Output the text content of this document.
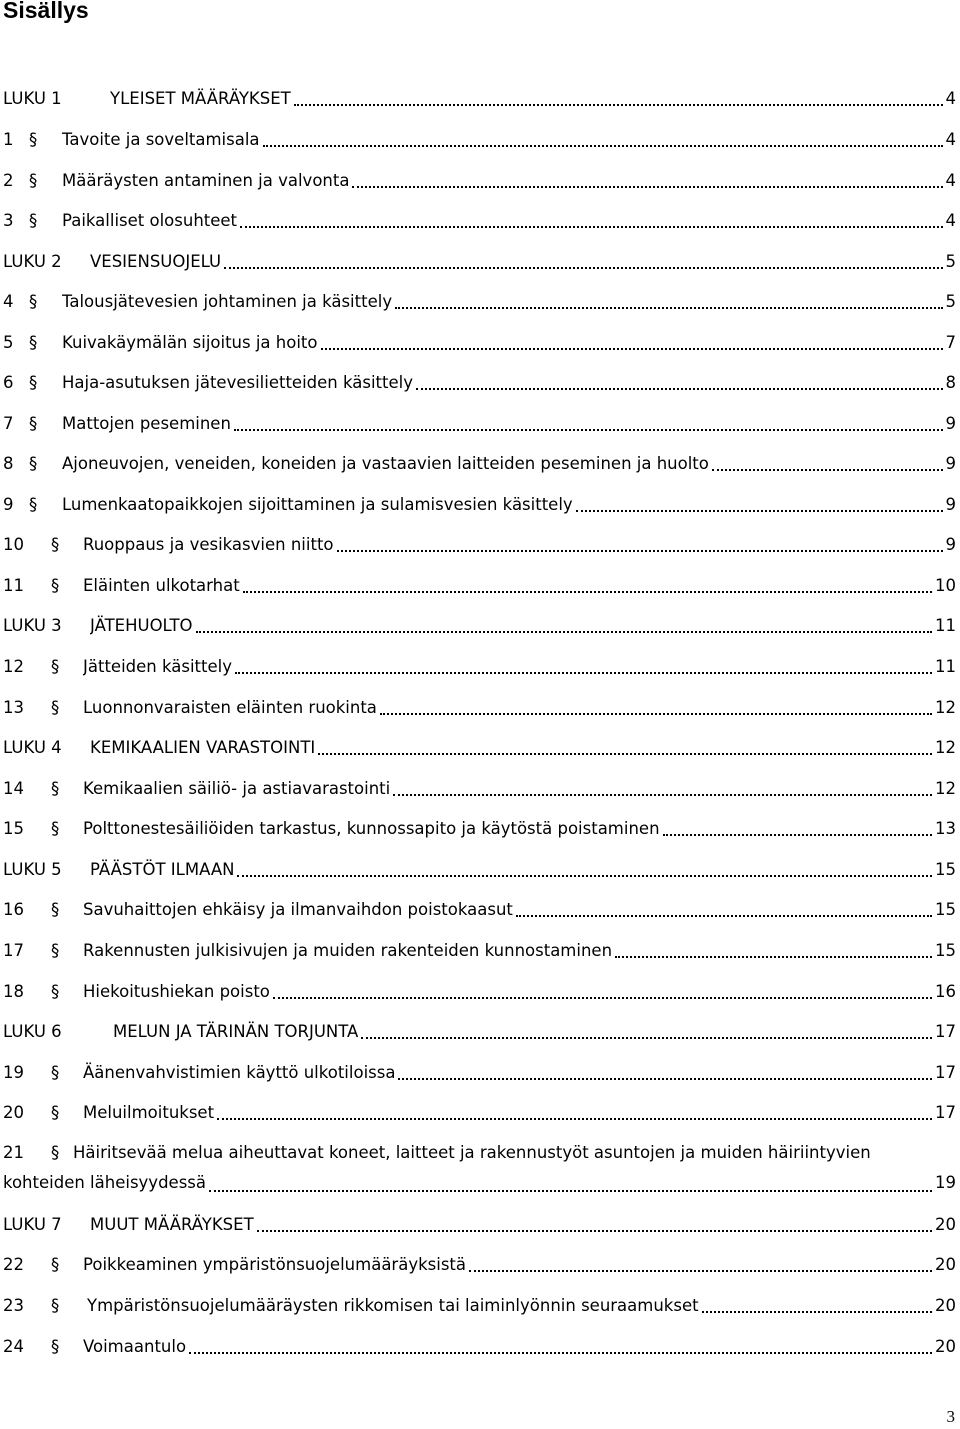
Sisällys
LUKU 1	YLEISET MÄÄRÄYKSET	4
1 §	Tavoite ja soveltamisala	4
2 §	Määräysten antaminen ja valvonta	4
3 §	Paikalliset olosuhteet	4
LUKU 2	VESIENSUOJELU	5
4 §	Talousjätevesien johtaminen ja käsittely	5
5 §	Kuivakäymälän sijoitus ja hoito	7
6 §	Haja-asutuksen jätevesilietteiden käsittely	8
7 §	Mattojen peseminen	9
8 §	Ajoneuvojen, veneiden, koneiden ja vastaavien laitteiden peseminen ja huolto	9
9 §	Lumenkaatopaikkojen sijoittaminen ja sulamisvesien käsittely	9
10	§	Ruoppaus ja vesikasvien niitto	9
11	§	Eläinten ulkotarhat	10
LUKU 3	JÄTEHUOLTO	11
12	§	Jätteiden käsittely	11
13	§	Luonnonvaraisten eläinten ruokinta	12
LUKU 4	KEMIKAALIEN VARASTOINTI	12
14	§	Kemikaalien säiliö- ja astiavarastointi	12
15	§	Polttonestesäiliöiden tarkastus, kunnossapito ja käytöstä poistaminen	13
LUKU 5	PÄÄSTÖT ILMAAN	15
16	§	Savuhaittojen ehkäisy ja ilmanvaihdon poistokaasut	15
17	§	Rakennusten julkisivujen ja muiden rakenteiden kunnostaminen	15
18	§	Hiekoitushiekan poisto	16
LUKU 6	MELUN JA TÄRINÄN TORJUNTA	17
19	§	Äänenvahvistimien käyttö ulkotiloissa	17
20	§	Meluilmoitukset	17
21	§ Häiritsevää melua aiheuttavat koneet, laitteet ja rakennustyöt asuntojen ja muiden häiriintyvien
kohteiden läheisyydessä	19
LUKU 7	MUUT MÄÄRÄYKSET	20
22	§	Poikkeaminen ympäristönsuojelumääräyksistä	20
23	§	Ympäristönsuojelumääräysten rikkomisen tai laiminlyönnin seuraamukset	20
24	§	Voimaantulo	20
3
